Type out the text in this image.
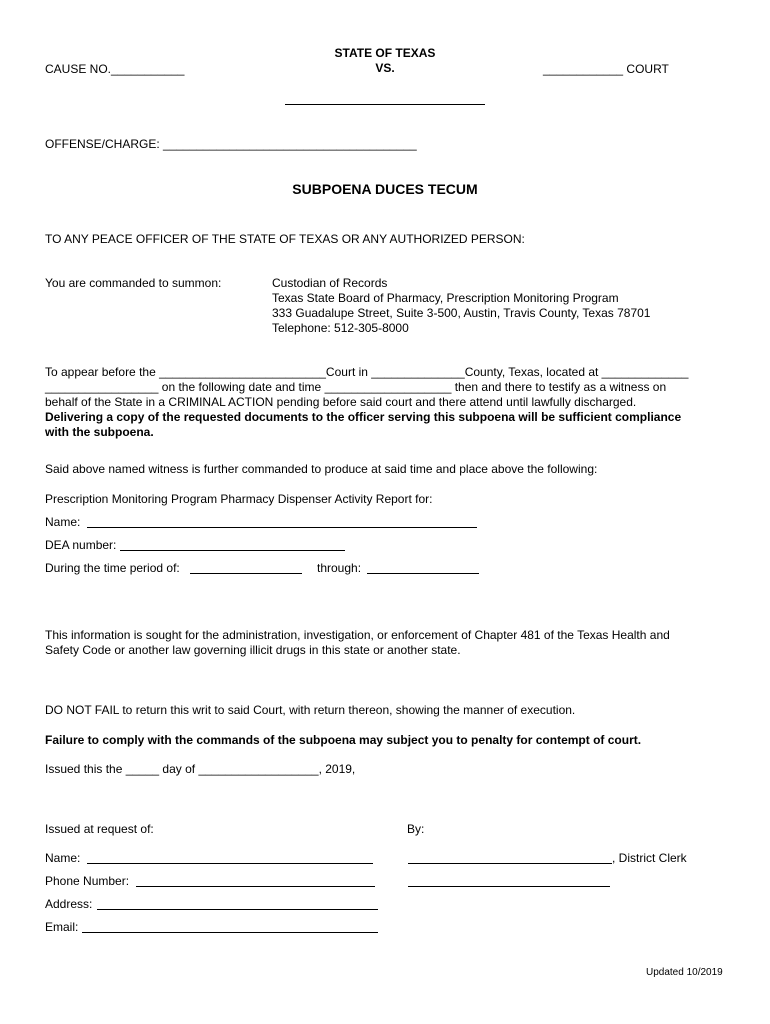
STATE OF TEXAS
VS.
CAUSE NO.___________	____________ COURT
OFFENSE/CHARGE: ______________________________________
SUBPOENA DUCES TECUM
TO ANY PEACE OFFICER OF THE STATE OF TEXAS OR ANY AUTHORIZED PERSON:
You are commanded to summon:	Custodian of Records
Texas State Board of Pharmacy, Prescription Monitoring Program
333 Guadalupe Street, Suite 3-500, Austin, Travis County, Texas 78701
Telephone: 512-305-8000
To appear before the _________________________Court in ______________County, Texas, located at _____________
_________________ on the following date and time ___________________ then and there to testify as a witness on
behalf of the State in a CRIMINAL ACTION pending before said court and there attend until lawfully discharged.
Delivering a copy of the requested documents to the officer serving this subpoena will be sufficient compliance
with the subpoena.
Said above named witness is further commanded to produce at said time and place above the following:
Prescription Monitoring Program Pharmacy Dispenser Activity Report for:
Name:
DEA number:
During the time period of:	through:
This information is sought for the administration, investigation, or enforcement of Chapter 481 of the Texas Health and
Safety Code or another law governing illicit drugs in this state or another state.
DO NOT FAIL to return this writ to said Court, with return thereon, showing the manner of execution.
Failure to comply with the commands of the subpoena may subject you to penalty for contempt of court.
Issued this the _____ day of __________________, 2019,
Issued at request of:	By:
Name:	, District Clerk
Phone Number:
Address:
Email:
Updated 10/2019
